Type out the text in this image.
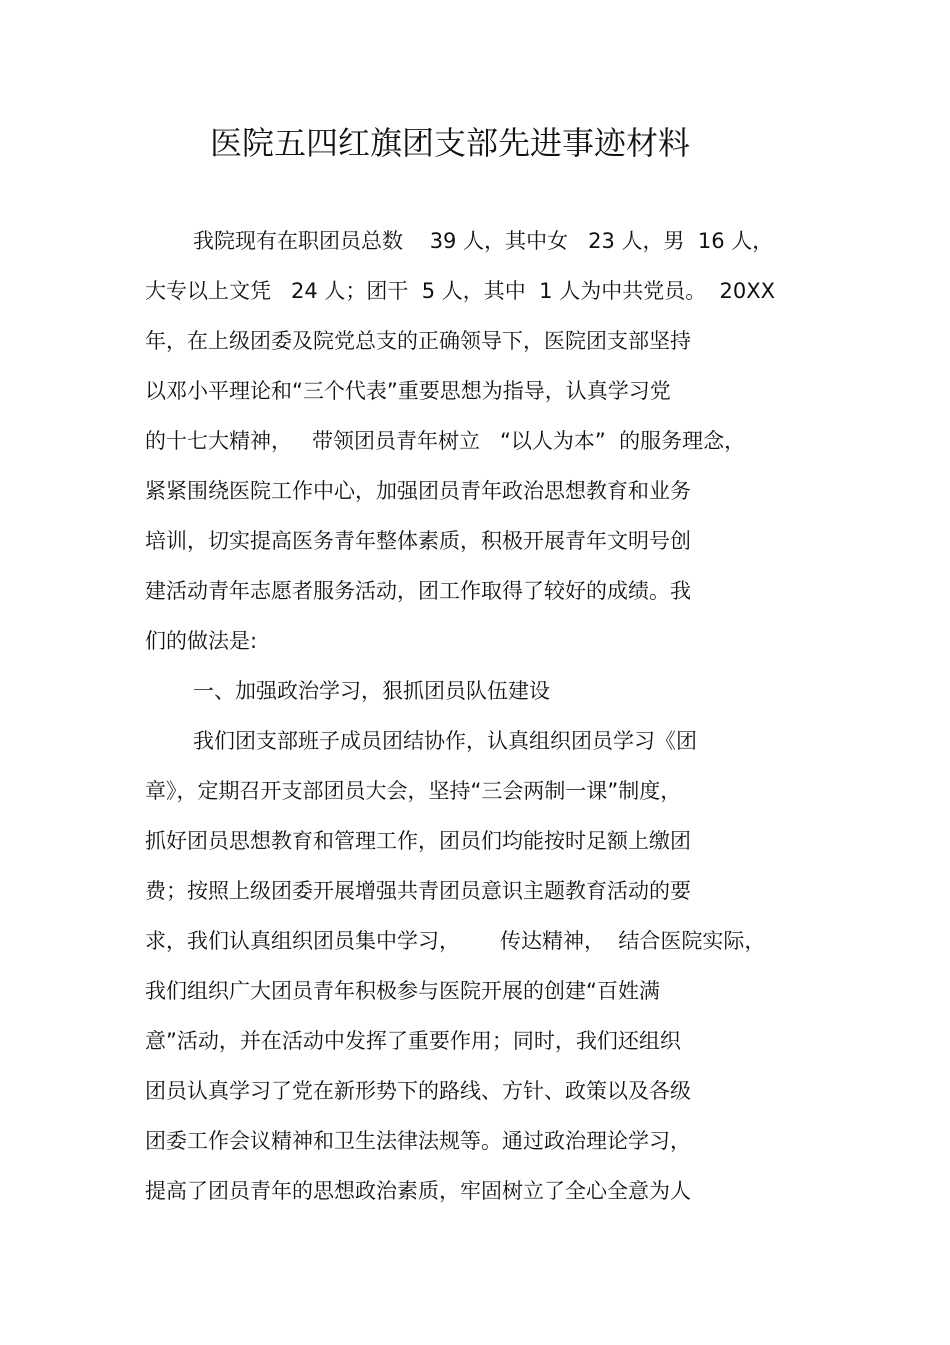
医院五四红旗团支部先进事迹材料
我院现有在职团员总数    39 人，其中女   23 人，男  16 人，
大专以上文凭   24 人；团干  5 人，其中  1 人为中共党员。  20XX
年，在上级团委及院党总支的正确领导下，医院团支部坚持
以邓小平理论和“三个代表”重要思想为指导，认真学习党
的十七大精神，   带领团员青年树立   “以人为本”  的服务理念，
紧紧围绕医院工作中心，加强团员青年政治思想教育和业务
培训，切实提高医务青年整体素质，积极开展青年文明号创
建活动青年志愿者服务活动，团工作取得了较好的成绩。我
们的做法是:
一、加强政治学习，狠抓团员队伍建设
我们团支部班子成员团结协作，认真组织团员学习《团
章》，定期召开支部团员大会，坚持“三会两制一课”制度，
抓好团员思想教育和管理工作，团员们均能按时足额上缴团
费；按照上级团委开展增强共青团员意识主题教育活动的要
求，我们认真组织团员集中学习，      传达精神，  结合医院实际，
我们组织广大团员青年积极参与医院开展的创建“百姓满
意”活动，并在活动中发挥了重要作用；同时，我们还组织
团员认真学习了党在新形势下的路线、方针、政策以及各级
团委工作会议精神和卫生法律法规等。通过政治理论学习，
提高了团员青年的思想政治素质，牢固树立了全心全意为人
